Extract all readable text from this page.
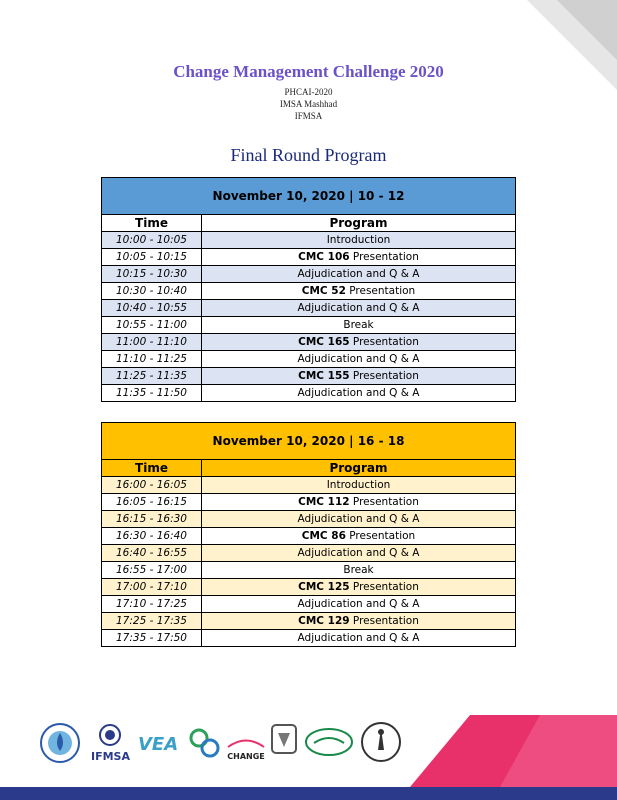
Change Management Challenge 2020
PHCAI-2020
IMSA Mashhad
IFMSA
Final Round Program
November 10, 2020 | 10 - 12	
Time	Program
10:00 - 10:05	Introduction
10:05 - 10:15	CMC 106 Presentation
10:15 - 10:30	Adjudication and Q & A
10:30 - 10:40	CMC 52 Presentation
10:40 - 10:55	Adjudication and Q & A
10:55 - 11:00	Break
11:00 - 11:10	CMC 165 Presentation
11:10 - 11:25	Adjudication and Q & A
11:25 - 11:35	CMC 155 Presentation
11:35 - 11:50	Adjudication and Q & A
November 10, 2020 | 16 - 18	
Time	Program
16:00 - 16:05	Introduction
16:05 - 16:15	CMC 112 Presentation
16:15 - 16:30	Adjudication and Q & A
16:30 - 16:40	CMC 86 Presentation
16:40 - 16:55	Adjudication and Q & A
16:55 - 17:00	Break
17:00 - 17:10	CMC 125 Presentation
17:10 - 17:25	Adjudication and Q & A
17:25 - 17:35	CMC 129 Presentation
17:35 - 17:50	Adjudication and Q & A
IFMSA
VEA
CHANGE
